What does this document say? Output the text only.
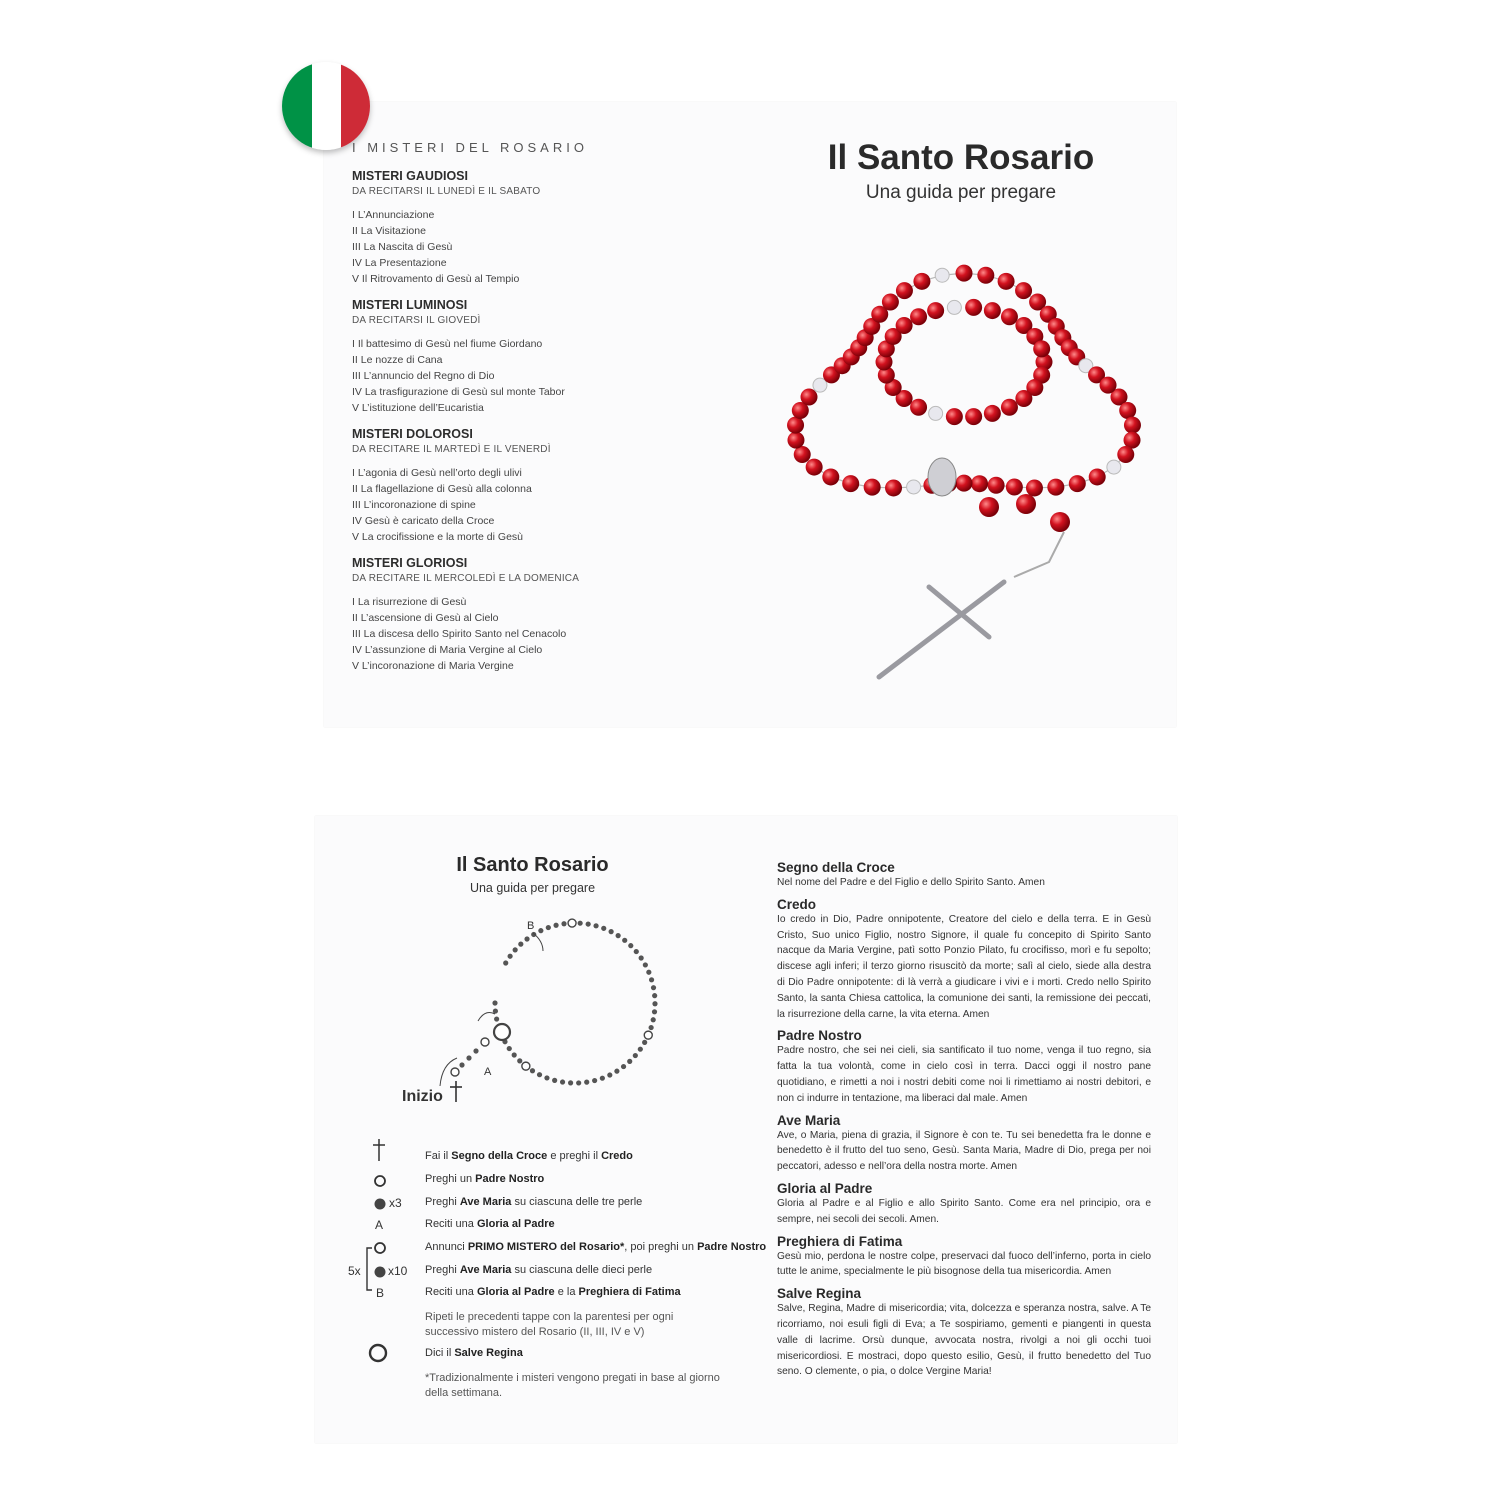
I MISTERI DEL ROSARIO
MISTERI GAUDIOSI
DA RECITARSI IL LUNEDÌ E IL SABATO
I L’Annunciazione
II La Visitazione
III La Nascita di Gesù
IV La Presentazione
V Il Ritrovamento di Gesù al Tempio
MISTERI LUMINOSI
DA RECITARSI IL GIOVEDÌ
I Il battesimo di Gesù nel fiume Giordano
II Le nozze di Cana
III L’annuncio del Regno di Dio
IV La trasfigurazione di Gesù sul monte Tabor
V L’istituzione dell’Eucaristia
MISTERI DOLOROSI
DA RECITARE IL MARTEDÌ E IL VENERDÌ
I L’agonia di Gesù nell’orto degli ulivi
II La flagellazione di Gesù alla colonna
III L’incoronazione di spine
IV Gesù è caricato della Croce
V La crocifissione e la morte di Gesù
MISTERI GLORIOSI
DA RECITARE IL MERCOLEDÌ E LA DOMENICA
I La risurrezione di Gesù
II L’ascensione di Gesù al Cielo
III La discesa dello Spirito Santo nel Cenacolo
IV L’assunzione di Maria Vergine al Cielo
V L’incoronazione di Maria Vergine
Il Santo Rosario
Una guida per pregare
Il Santo Rosario
Una guida per pregare
B
A
Inizio
Fai il Segno della Croce e preghi il Credo
Preghi un Padre Nostro
x3 Preghi Ave Maria su ciascuna delle tre perle
A	Reciti una Gloria al Padre
Annunci PRIMO MISTERO del Rosario*, poi preghi un Padre Nostro
5x x10 Preghi Ave Maria su ciascuna delle dieci perle
B	Reciti una Gloria al Padre e la Preghiera di Fatima
Ripeti le precedenti tappe con la parentesi per ogni successivo mistero del Rosario (II, III, IV e V)
Dici il Salve Regina
*Tradizionalmente i misteri vengono pregati in base al giorno della settimana.
Segno della Croce
Nel nome del Padre e del Figlio e dello Spirito Santo. Amen
Credo
Io credo in Dio, Padre onnipotente, Creatore del cielo e della terra. E in Gesù Cristo, Suo unico Figlio, nostro Signore, il quale fu concepito di Spirito Santo nacque da Maria Vergine, patì sotto Ponzio Pilato, fu crocifisso, morì e fu sepolto; discese agli inferi; il terzo giorno risuscitò da morte; salì al cielo, siede alla destra di Dio Padre onnipotente: di là verrà a giudicare i vivi e i morti. Credo nello Spirito Santo, la santa Chiesa cattolica, la comunione dei santi, la remissione dei peccati, la risurrezione della carne, la vita eterna. Amen
Padre Nostro
Padre nostro, che sei nei cieli, sia santificato il tuo nome, venga il tuo regno, sia fatta la tua volontà, come in cielo così in terra. Dacci oggi il nostro pane quotidiano, e rimetti a noi i nostri debiti come noi li rimettiamo ai nostri debitori, e non ci indurre in tentazione, ma liberaci dal male. Amen
Ave Maria
Ave, o Maria, piena di grazia, il Signore è con te. Tu sei benedetta fra le donne e benedetto è il frutto del tuo seno, Gesù. Santa Maria, Madre di Dio, prega per noi peccatori, adesso e nell’ora della nostra morte. Amen
Gloria al Padre
Gloria al Padre e al Figlio e allo Spirito Santo. Come era nel principio, ora e sempre, nei secoli dei secoli. Amen.
Preghiera di Fatima
Gesù mio, perdona le nostre colpe, preservaci dal fuoco dell’inferno, porta in cielo tutte le anime, specialmente le più bisognose della tua misericordia. Amen
Salve Regina
Salve, Regina, Madre di misericordia; vita, dolcezza e speranza nostra, salve. A Te ricorriamo, noi esuli figli di Eva; a Te sospiriamo, gementi e piangenti in questa valle di lacrime. Orsù dunque, avvocata nostra, rivolgi a noi gli occhi tuoi misericordiosi. E mostraci, dopo questo esilio, Gesù, il frutto benedetto del Tuo seno. O clemente, o pia, o dolce Vergine Maria!
